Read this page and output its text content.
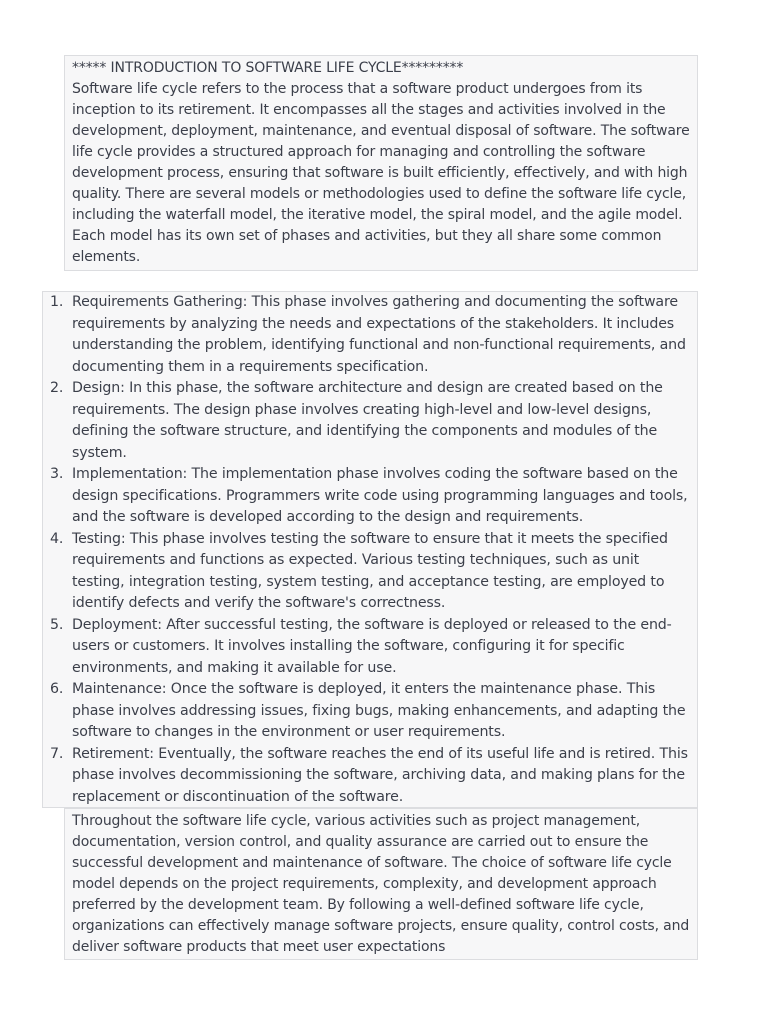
***** INTRODUCTION TO SOFTWARE LIFE CYCLE*********

Software life cycle refers to the process that a software product undergoes from its inception to its retirement. It encompasses all the stages and activities involved in the development, deployment, maintenance, and eventual disposal of software. The software life cycle provides a structured approach for managing and controlling the software development process, ensuring that software is built efficiently, effectively, and with high quality. There are several models or methodologies used to define the software life cycle, including the waterfall model, the iterative model, the spiral model, and the agile model. Each model has its own set of phases and activities, but they all share some common elements.

1. Requirements Gathering: This phase involves gathering and documenting the software requirements by analyzing the needs and expectations of the stakeholders. It includes understanding the problem, identifying functional and non-functional requirements, and documenting them in a requirements specification.
2. Design: In this phase, the software architecture and design are created based on the requirements. The design phase involves creating high-level and low-level designs, defining the software structure, and identifying the components and modules of the system.
3. Implementation: The implementation phase involves coding the software based on the design specifications. Programmers write code using programming languages and tools, and the software is developed according to the design and requirements.
4. Testing: This phase involves testing the software to ensure that it meets the specified requirements and functions as expected. Various testing techniques, such as unit testing, integration testing, system testing, and acceptance testing, are employed to identify defects and verify the software's correctness.
5. Deployment: After successful testing, the software is deployed or released to the end-users or customers. It involves installing the software, configuring it for specific environments, and making it available for use.
6. Maintenance: Once the software is deployed, it enters the maintenance phase. This phase involves addressing issues, fixing bugs, making enhancements, and adapting the software to changes in the environment or user requirements.
7. Retirement: Eventually, the software reaches the end of its useful life and is retired. This phase involves decommissioning the software, archiving data, and making plans for the replacement or discontinuation of the software.

Throughout the software life cycle, various activities such as project management, documentation, version control, and quality assurance are carried out to ensure the successful development and maintenance of software. The choice of software life cycle model depends on the project requirements, complexity, and development approach preferred by the development team. By following a well-defined software life cycle, organizations can effectively manage software projects, ensure quality, control costs, and deliver software products that meet user expectations
